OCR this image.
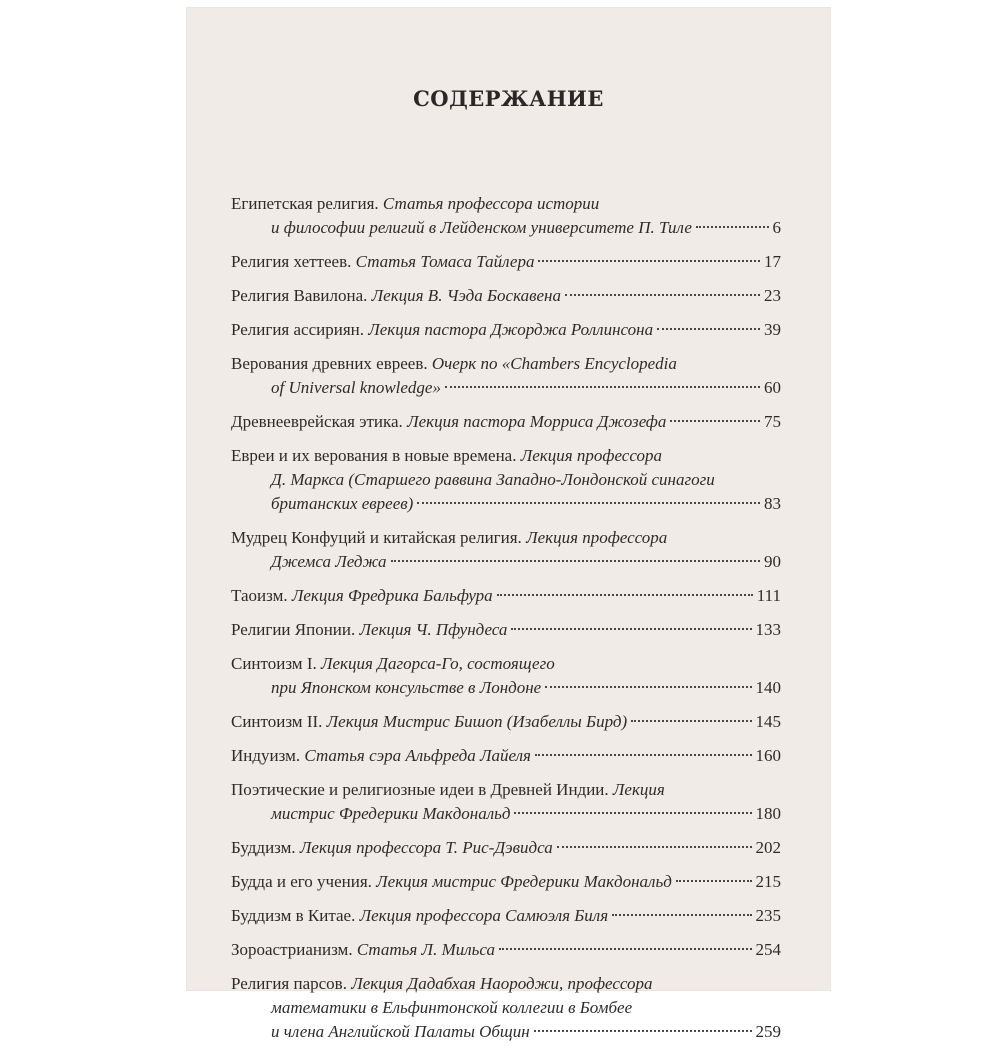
СОДЕРЖАНИЕ
Египетская религия.
Статья профессора истории
и философии религий в Лейденском университете П. Тиле	6
Религия хеттеев.
Статья Томаса Тайлера	17
Религия Вавилона.
Лекция В. Чэда Боскавена	23
Религия ассириян.
Лекция пастора Джорджа Роллинсона	39
Верования древних евреев.
Очерк по «Chambers Encyclopedia
of Universal knowledge»	60
Древнееврейская этика.
Лекция пастора Морриса Джозефа	75
Евреи и их верования в новые времена.
Лекция профессора
Д. Маркса (Старшего раввина Западно-Лондонской синагоги
британских евреев)	83
Мудрец Конфуций и китайская религия.
Лекция профессора
Джемса Леджа	90
Таоизм.
Лекция Фредрика Бальфура	111
Религии Японии.
Лекция Ч. Пфундеса	133
Синтоизм I.
Лекция Дагорса-Го, состоящего
при Японском консульстве в Лондоне	140
Синтоизм II.
Лекция Мистрис Бишоп (Изабеллы Бирд)	145
Индуизм.
Статья сэра Альфреда Лайеля	160
Поэтические и религиозные идеи в Древней Индии.
Лекция
мистрис Фредерики Макдональд	180
Буддизм.
Лекция профессора Т. Рис-Дэвидса	202
Будда и его учения.
Лекция мистрис Фредерики Макдональд	215
Буддизм в Китае.
Лекция профессора Самюэля Биля	235
Зороастрианизм.
Статья Л. Мильса	254
Религия парсов.
Лекция Дадабхая Наороджи, профессора
математики в Ельфинтонской коллегии в Бомбее
и члена Английской Палаты Общин	259
